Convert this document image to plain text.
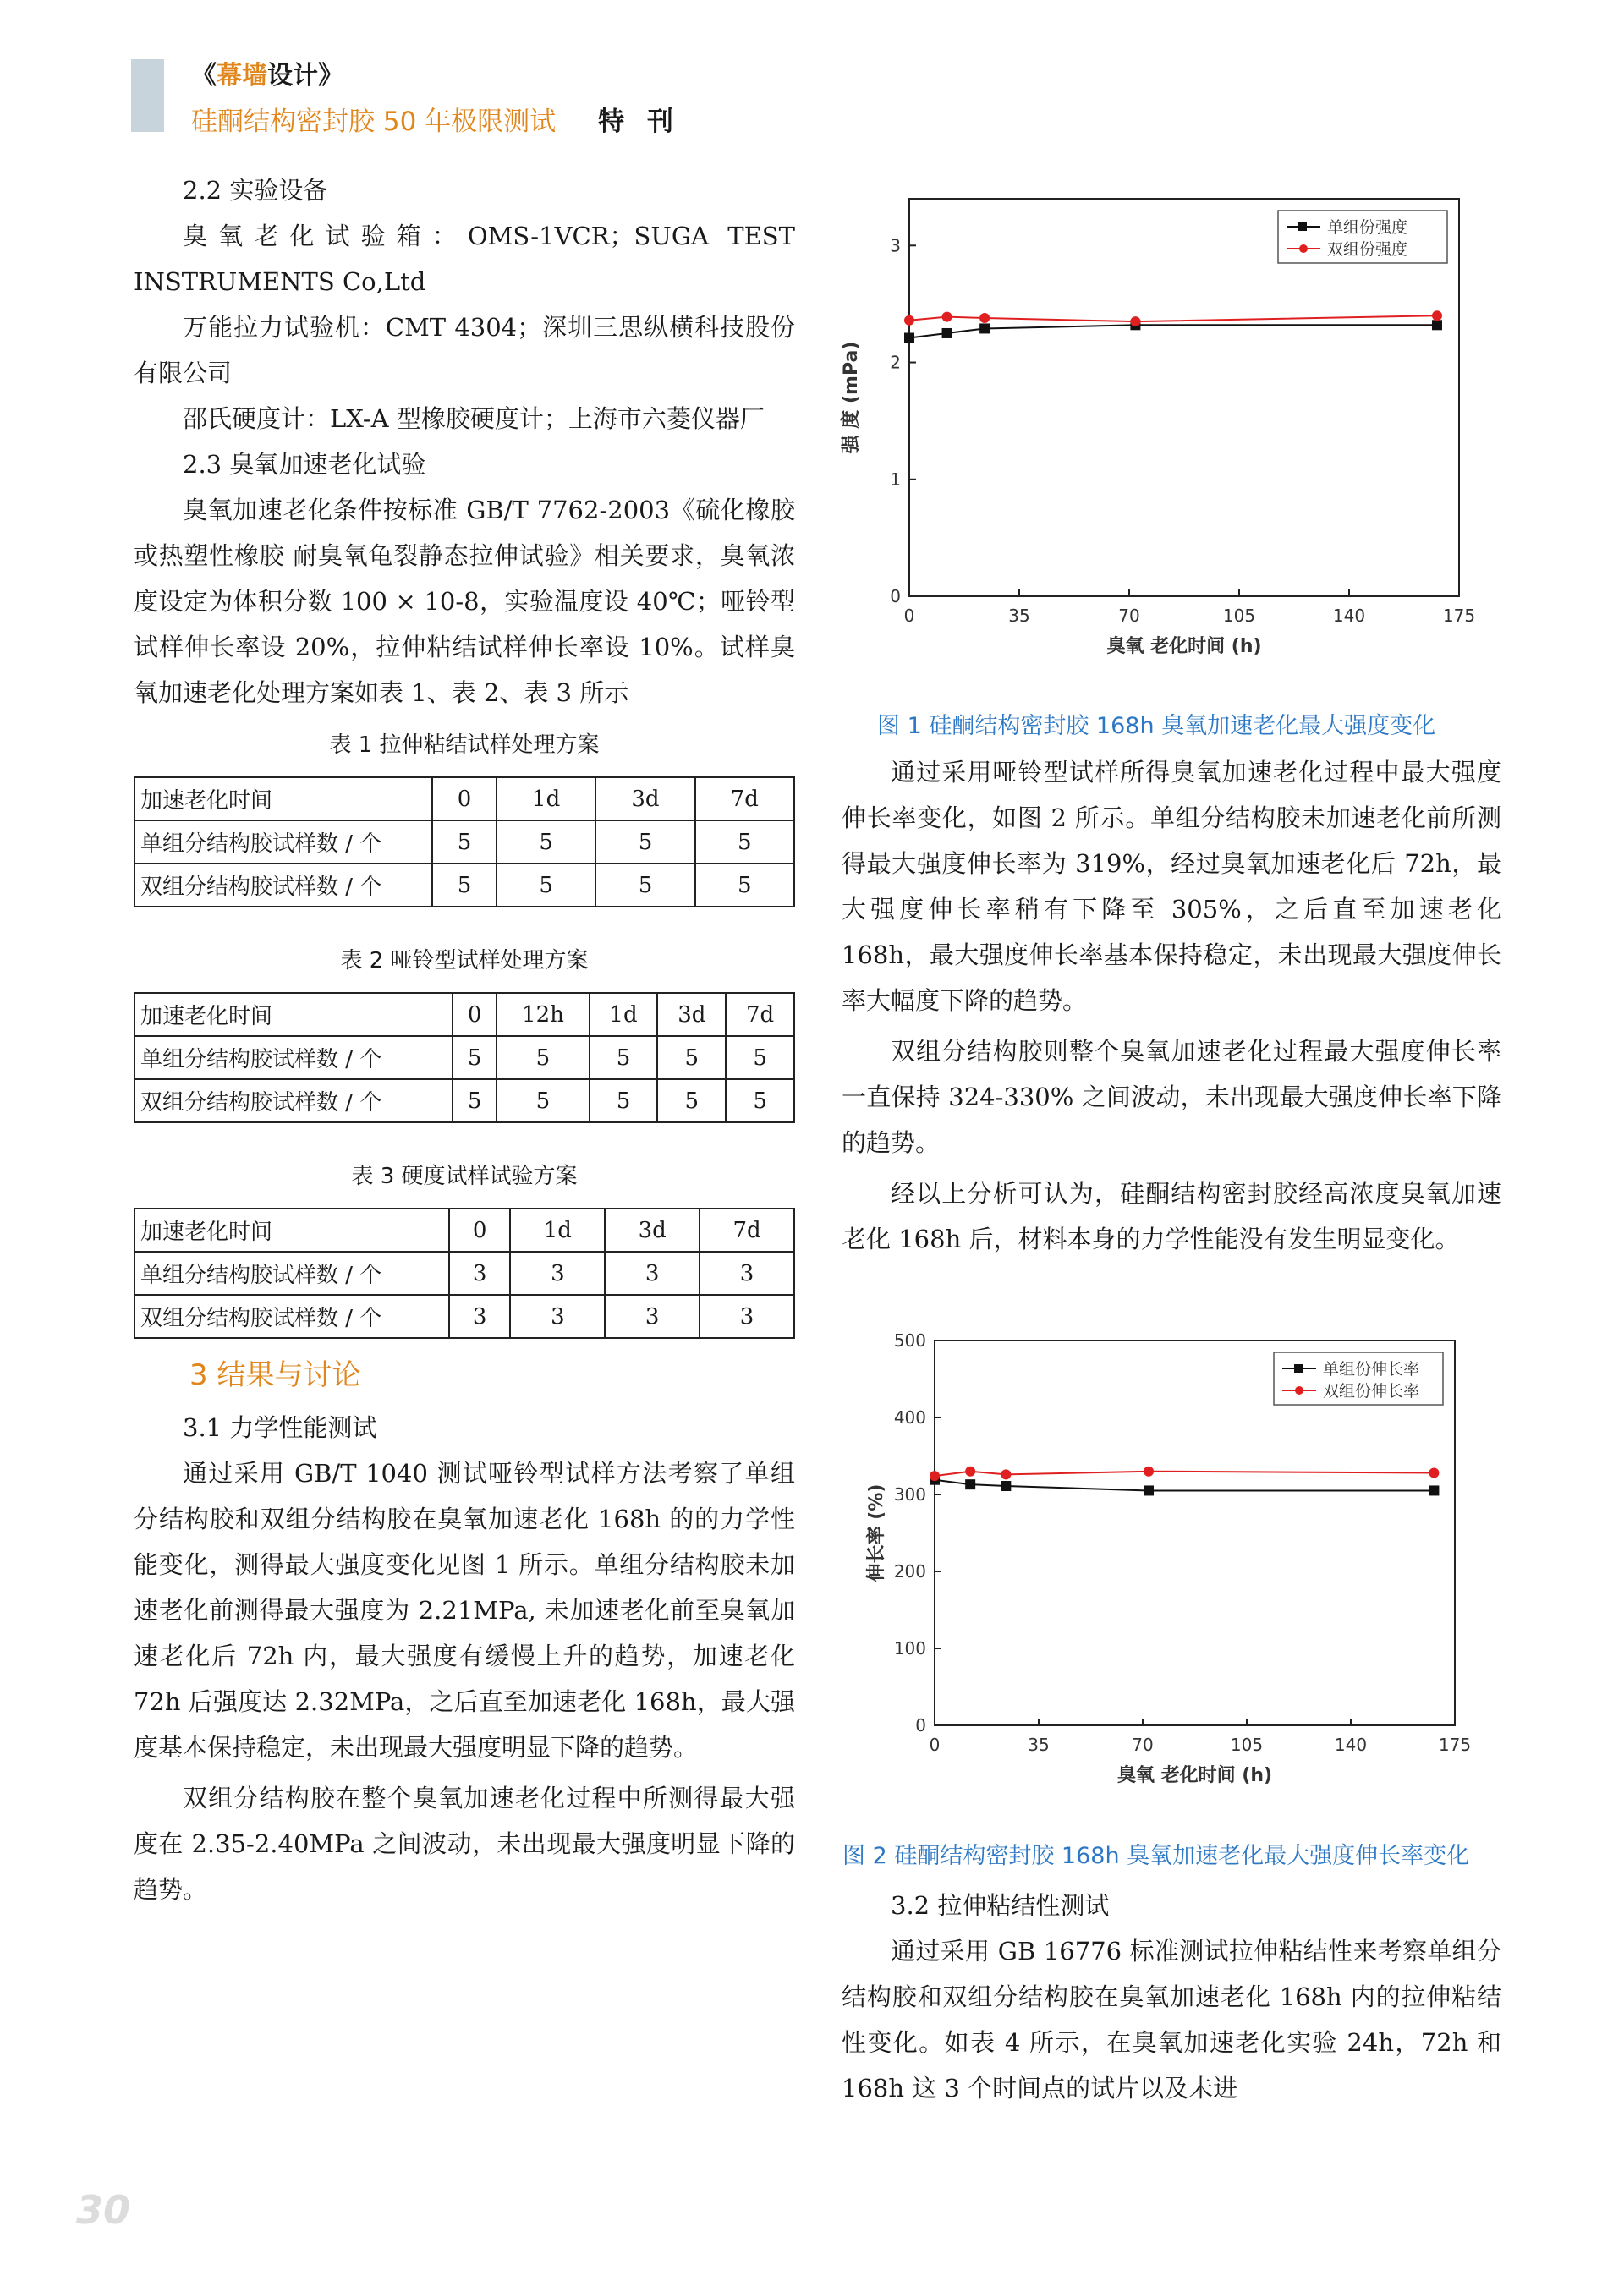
《幕墙设计》
硅酮结构密封胶 50 年极限测试 特 刊

2.2 实验设备

臭氧老化试验箱：OMS-1VCR；SUGA TEST INSTRUMENTS Co,Ltd

万能拉力试验机：CMT 4304；深圳三思纵横科技股份有限公司

邵氏硬度计：LX-A 型橡胶硬度计；上海市六菱仪器厂

2.3 臭氧加速老化试验

臭氧加速老化条件按标准 GB/T 7762-2003《硫化橡胶或热塑性橡胶 耐臭氧龟裂静态拉伸试验》相关要求，臭氧浓度设定为体积分数 100 × 10-8，实验温度设 40℃；哑铃型试样伸长率设 20%，拉伸粘结试样伸长率设 10%。试样臭氧加速老化处理方案如表 1、表 2、表 3 所示

表 1 拉伸粘结试样处理方案
加速老化时间	0	1d	3d	7d
单组分结构胶试样数 / 个	5	5	5	5
双组分结构胶试样数 / 个	5	5	5	5
表 2 哑铃型试样处理方案
加速老化时间	0	12h	1d	3d	7d
单组分结构胶试样数 / 个	5	5	5	5	5
双组分结构胶试样数 / 个	5	5	5	5	5
表 3 硬度试样试验方案
加速老化时间	0	1d	3d	7d
单组分结构胶试样数 / 个	3	3	3	3
双组分结构胶试样数 / 个	3	3	3	3
3 结果与讨论

3.1 力学性能测试

通过采用 GB/T 1040 测试哑铃型试样方法考察了单组分结构胶和双组分结构胶在臭氧加速老化 168h 的的力学性能变化，测得最大强度变化见图 1 所示。单组分结构胶未加速老化前测得最大强度为 2.21MPa, 未加速老化前至臭氧加速老化后 72h 内，最大强度有缓慢上升的趋势，加速老化 72h 后强度达 2.32MPa，之后直至加速老化 168h，最大强度基本保持稳定，未出现最大强度明显下降的趋势。

双组分结构胶在整个臭氧加速老化过程中所测得最大强度在 2.35-2.40MPa 之间波动，未出现最大强度明显下降的趋势。

0	35	70	105	140	175
0
1
2
3
臭氧 老化时间 (h)
强 度 (mPa)
单组份强度
双组份强度
图 1 硅酮结构密封胶 168h 臭氧加速老化最大强度变化

通过采用哑铃型试样所得臭氧加速老化过程中最大强度伸长率变化，如图 2 所示。单组分结构胶未加速老化前所测得最大强度伸长率为 319%，经过臭氧加速老化后 72h，最大强度伸长率稍有下降至 305%，之后直至加速老化 168h，最大强度伸长率基本保持稳定，未出现最大强度伸长率大幅度下降的趋势。

双组分结构胶则整个臭氧加速老化过程最大强度伸长率一直保持 324-330% 之间波动，未出现最大强度伸长率下降的趋势。

经以上分析可认为，硅酮结构密封胶经高浓度臭氧加速老化 168h 后，材料本身的力学性能没有发生明显变化。

0	35	70	105	140	175
0
100
200
300
400
500
臭氧 老化时间 (h)
伸长率 (%)
单组份伸长率
双组份伸长率
图 2 硅酮结构密封胶 168h 臭氧加速老化最大强度伸长率变化

3.2 拉伸粘结性测试

通过采用 GB 16776 标准测试拉伸粘结性来考察单组分结构胶和双组分结构胶在臭氧加速老化 168h 内的拉伸粘结性变化。如表 4 所示，在臭氧加速老化实验 24h，72h 和 168h 这 3 个时间点的试片以及未进

30
